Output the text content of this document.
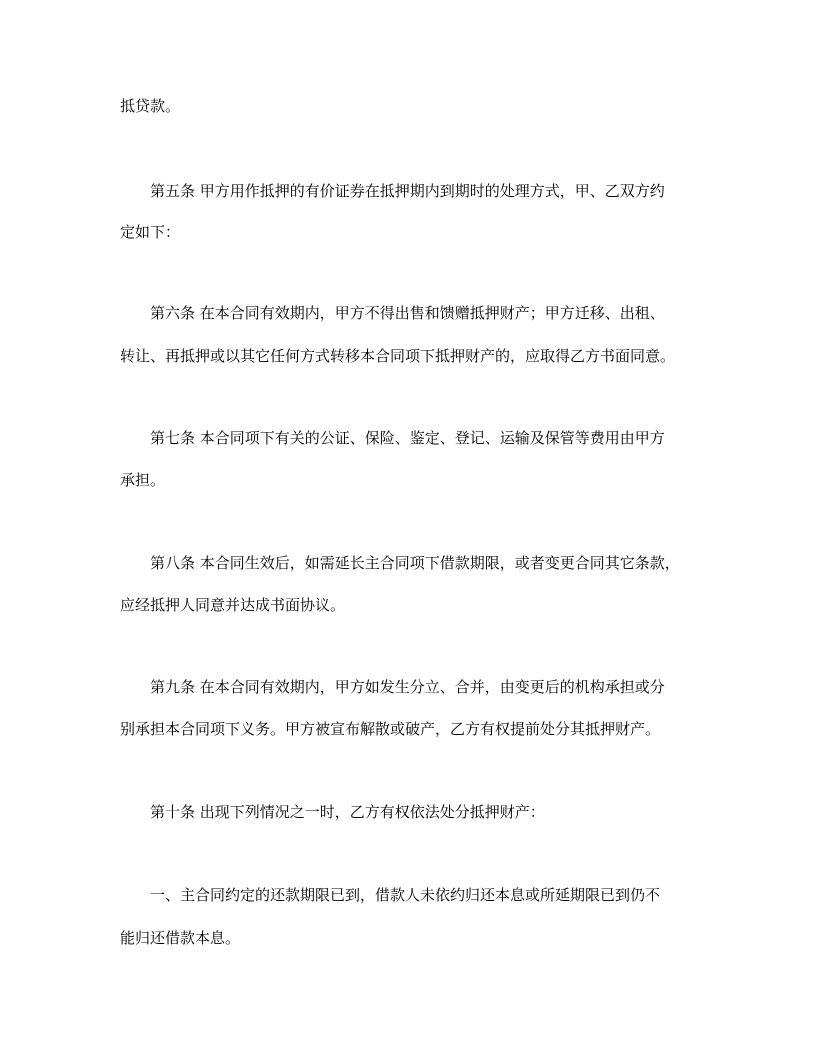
抵贷款。
第五条 甲方用作抵押的有价证券在抵押期内到期时的处理方式，甲、乙双方约
定如下：
第六条 在本合同有效期内，甲方不得出售和馈赠抵押财产；甲方迁移、出租、
转让、再抵押或以其它任何方式转移本合同项下抵押财产的，应取得乙方书面同意。
第七条 本合同项下有关的公证、保险、鉴定、登记、运输及保管等费用由甲方
承担。
第八条 本合同生效后，如需延长主合同项下借款期限，或者变更合同其它条款，
应经抵押人同意并达成书面协议。
第九条 在本合同有效期内，甲方如发生分立、合并，由变更后的机构承担或分
别承担本合同项下义务。甲方被宣布解散或破产，乙方有权提前处分其抵押财产。
第十条 出现下列情况之一时，乙方有权依法处分抵押财产：
一、主合同约定的还款期限已到，借款人未依约归还本息或所延期限已到仍不
能归还借款本息。
